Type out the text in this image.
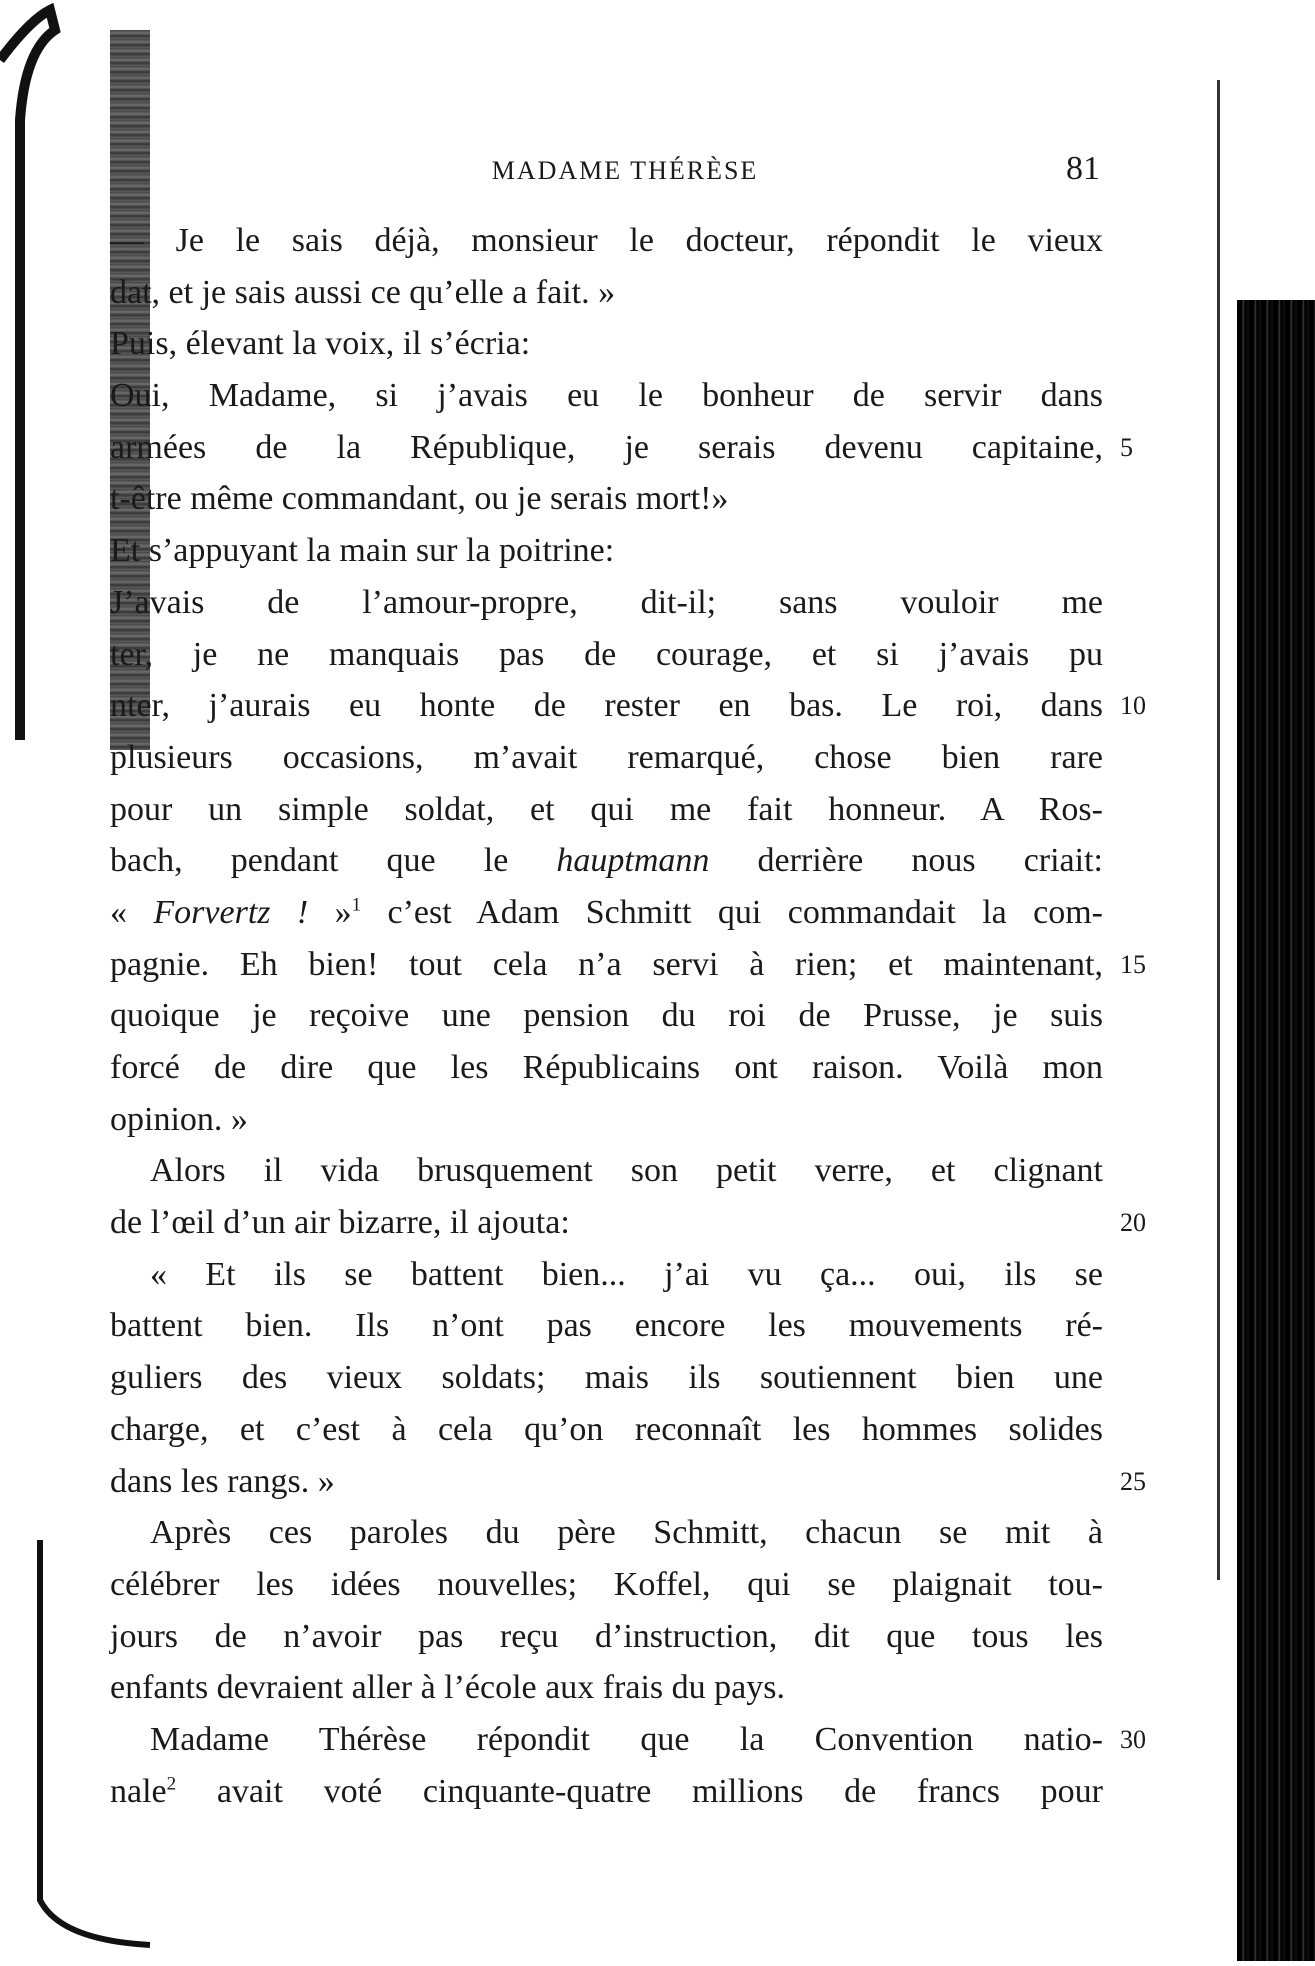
MADAME THÉRÈSE	81
— Je le sais déjà, monsieur le docteur, répondit le vieux
dat, et je sais aussi ce qu’elle a fait. »
Puis, élevant la voix, il s’écria:
Oui, Madame, si j’avais eu le bonheur de servir dans
armées de la République, je serais devenu capitaine, 5
t-être même commandant, ou je serais mort!»
Et s’appuyant la main sur la poitrine:
J’avais de l’amour-propre, dit-il; sans vouloir me
ter, je ne manquais pas de courage, et si j’avais pu
nter, j’aurais eu honte de rester en bas. Le roi, dans 10
plusieurs occasions, m’avait remarqué, chose bien rare
pour un simple soldat, et qui me fait honneur. A Ros-
bach, pendant que le hauptmann derrière nous criait:
« Forvertz ! »$^1$ c’est Adam Schmitt qui commandait la com-
pagnie. Eh bien! tout cela n’a servi à rien; et maintenant, 15
quoique je reçoive une pension du roi de Prusse, je suis
forcé de dire que les Républicains ont raison. Voilà mon
opinion. »
Alors il vida brusquement son petit verre, et clignant
de l’œil d’un air bizarre, il ajouta:	20
« Et ils se battent bien... j’ai vu ça... oui, ils se
battent bien. Ils n’ont pas encore les mouvements ré-
guliers des vieux soldats; mais ils soutiennent bien une
charge, et c’est à cela qu’on reconnaît les hommes solides
dans les rangs. »	25
Après ces paroles du père Schmitt, chacun se mit à
célébrer les idées nouvelles; Koffel, qui se plaignait tou-
jours de n’avoir pas reçu d’instruction, dit que tous les
enfants devraient aller à l’école aux frais du pays.
Madame Thérèse répondit que la Convention natio- 30
nale$^2$ avait voté cinquante-quatre millions de francs pour
